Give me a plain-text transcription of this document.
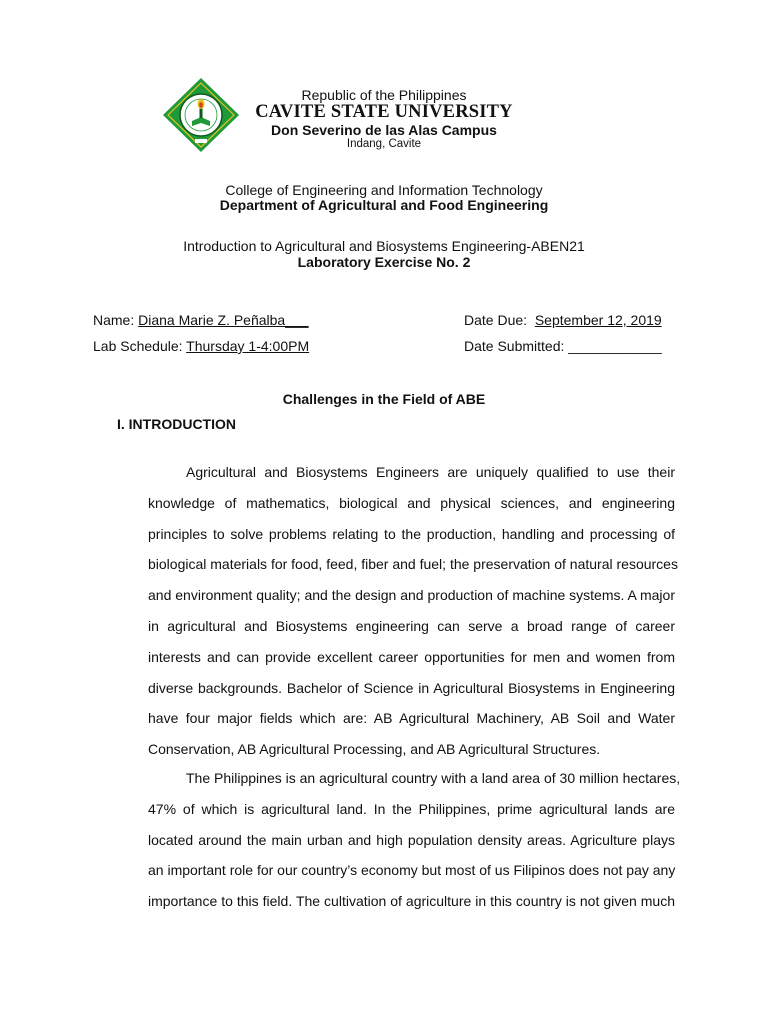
Republic of the Philippines
CAVITE STATE UNIVERSITY
Don Severino de las Alas Campus
Indang, Cavite
College of Engineering and Information Technology
Department of Agricultural and Food Engineering
Introduction to Agricultural and Biosystems Engineering-ABEN21
Laboratory Exercise No. 2
Name: Diana Marie Z. Peñalba___
Lab Schedule: Thursday 1-4:00PM
Date Due: September 12, 2019
Date Submitted: ____________
Challenges in the Field of ABE
I. INTRODUCTION
Agricultural and Biosystems Engineers are uniquely qualified to use their
knowledge of mathematics, biological and physical sciences, and engineering
principles to solve problems relating to the production, handling and processing of
biological materials for food, feed, fiber and fuel; the preservation of natural resources
and environment quality; and the design and production of machine systems. A major
in agricultural and Biosystems engineering can serve a broad range of career
interests and can provide excellent career opportunities for men and women from
diverse backgrounds. Bachelor of Science in Agricultural Biosystems in Engineering
have four major fields which are: AB Agricultural Machinery, AB Soil and Water
Conservation, AB Agricultural Processing, and AB Agricultural Structures.
The Philippines is an agricultural country with a land area of 30 million hectares,
47% of which is agricultural land. In the Philippines, prime agricultural lands are
located around the main urban and high population density areas. Agriculture plays
an important role for our country’s economy but most of us Filipinos does not pay any
importance to this field. The cultivation of agriculture in this country is not given much
